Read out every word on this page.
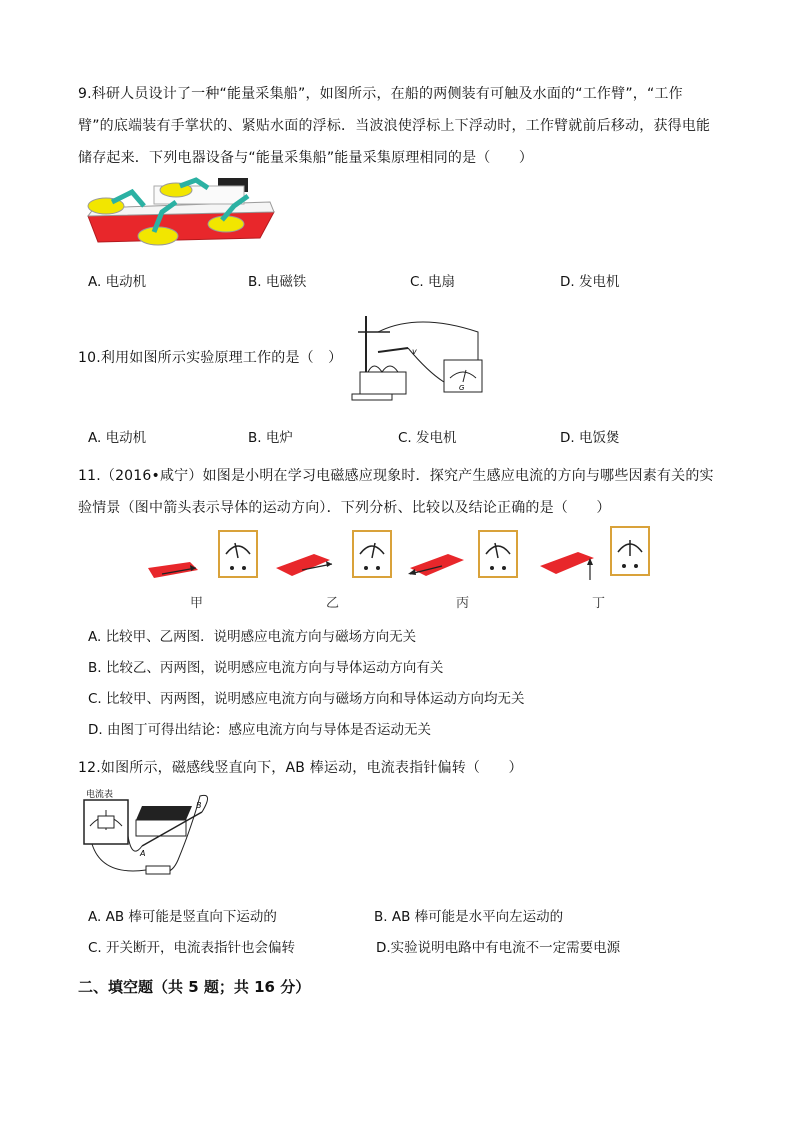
9.科研人员设计了一种“能量采集船”，如图所示，在船的两侧装有可触及水面的“工作臂”，“工作臂”的底端装有手掌状的、紧贴水面的浮标．当波浪使浮标上下浮动时，工作臂就前后移动，获得电能储存起来．下列电器设备与“能量采集船”能量采集原理相同的是（　　）
A. 电动机	B. 电磁铁	C. 电扇	D. 发电机
10.利用如图所示实验原理工作的是（　）	v
G
A. 电动机	B. 电炉	C. 发电机	D. 电饭煲
11.（2016•咸宁）如图是小明在学习电磁感应现象时．探究产生感应电流的方向与哪些因素有关的实验情景（图中箭头表示导体的运动方向）．下列分析、比较以及结论正确的是（　　）
甲	乙	丙	丁
A. 比较甲、乙两图．说明感应电流方向与磁场方向无关
B. 比较乙、丙两图，说明感应电流方向与导体运动方向有关
C. 比较甲、丙两图，说明感应电流方向与磁场方向和导体运动方向均无关
D. 由图丁可得出结论：感应电流方向与导体是否运动无关
12.如图所示，磁感线竖直向下，AB 棒运动，电流表指针偏转（　　）
电流表
A
B
A. AB 棒可能是竖直向下运动的	B. AB 棒可能是水平向左运动的
C. 开关断开，电流表指针也会偏转	D.实验说明电路中有电流不一定需要电源
二、填空题（共 5 题；共 16 分）
